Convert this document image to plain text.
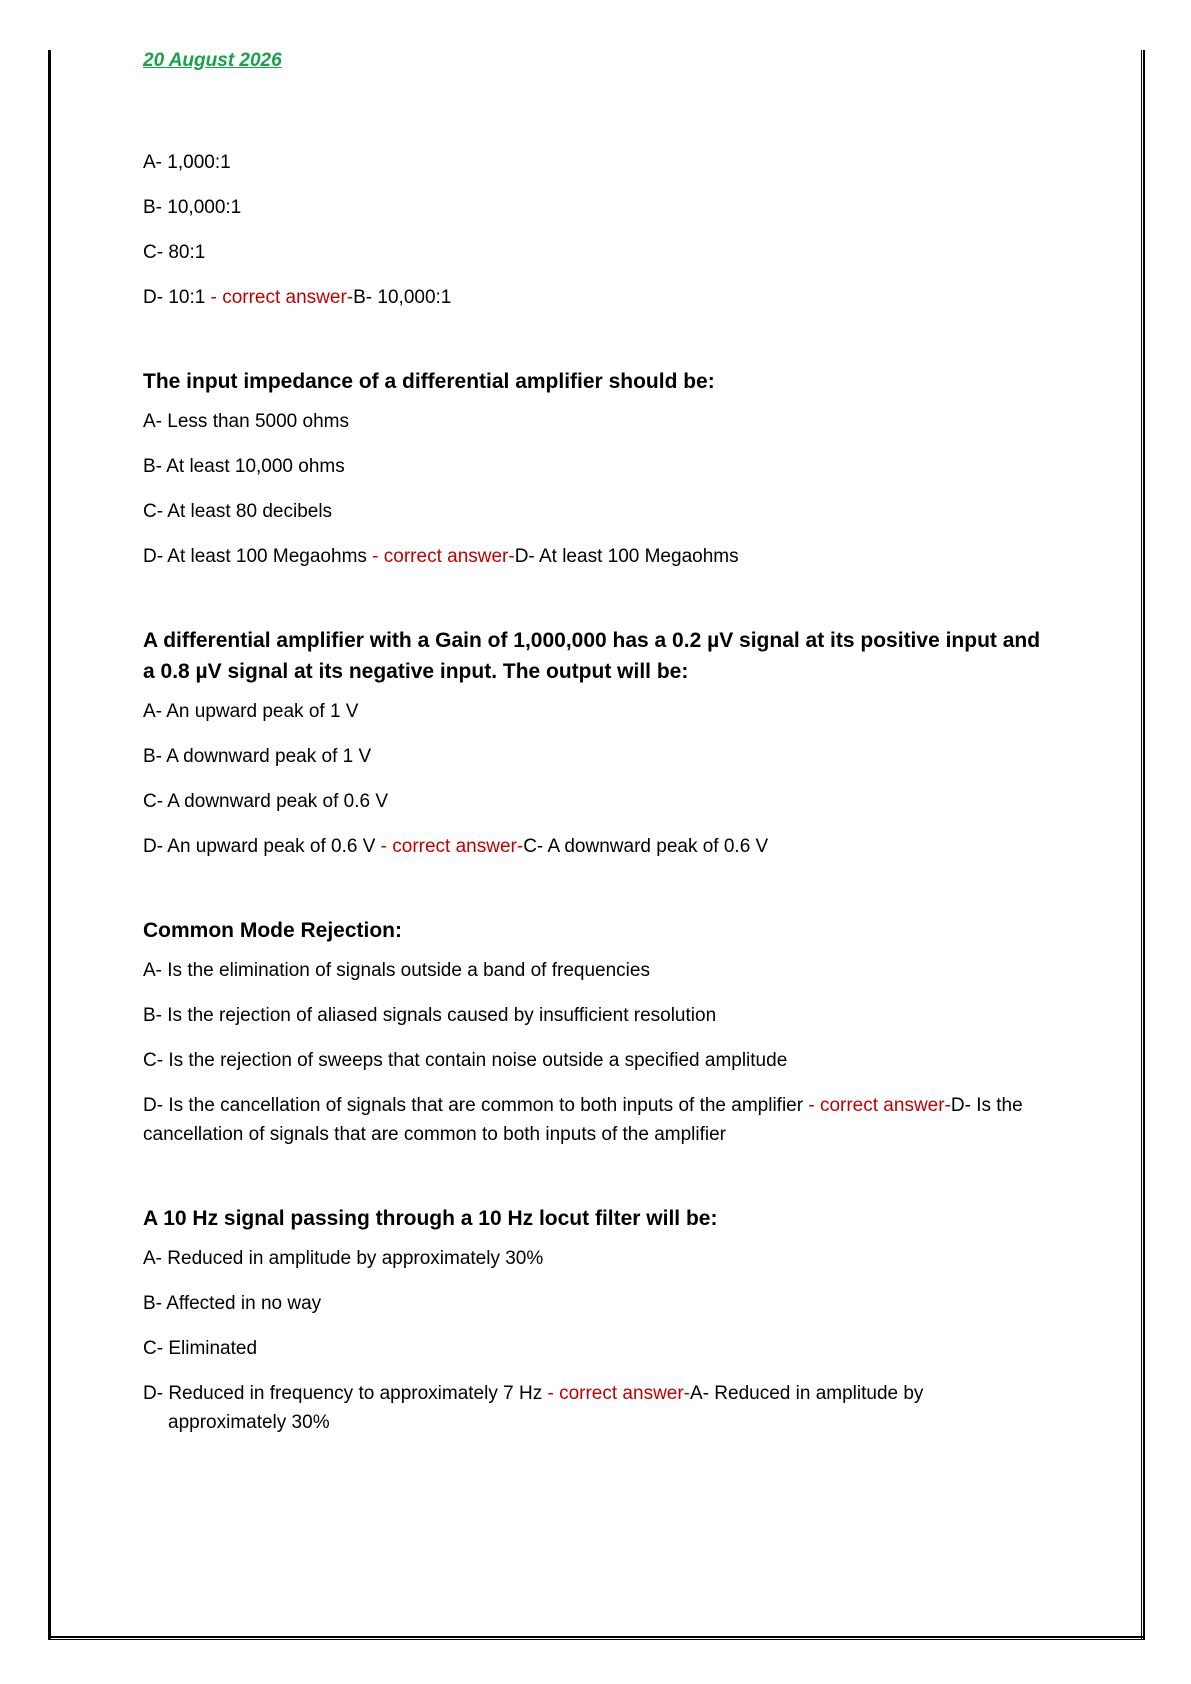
20 August 2026
A- 1,000:1
B- 10,000:1
C- 80:1
D- 10:1 - correct answer-B- 10,000:1
The input impedance of a differential amplifier should be:
A- Less than 5000 ohms
B- At least 10,000 ohms
C- At least 80 decibels
D- At least 100 Megaohms - correct answer-D- At least 100 Megaohms
A differential amplifier with a Gain of 1,000,000 has a 0.2 µV signal at its positive input and a 0.8 µV signal at its negative input. The output will be:
A- An upward peak of 1 V
B- A downward peak of 1 V
C- A downward peak of 0.6 V
D- An upward peak of 0.6 V - correct answer-C- A downward peak of 0.6 V
Common Mode Rejection:
A- Is the elimination of signals outside a band of frequencies
B- Is the rejection of aliased signals caused by insufficient resolution
C- Is the rejection of sweeps that contain noise outside a specified amplitude
D- Is the cancellation of signals that are common to both inputs of the amplifier - correct answer-D- Is the cancellation of signals that are common to both inputs of the amplifier
A 10 Hz signal passing through a 10 Hz locut filter will be:
A- Reduced in amplitude by approximately 30%
B- Affected in no way
C- Eliminated
D- Reduced in frequency to approximately 7 Hz - correct answer-A- Reduced in amplitude by approximately 30%
